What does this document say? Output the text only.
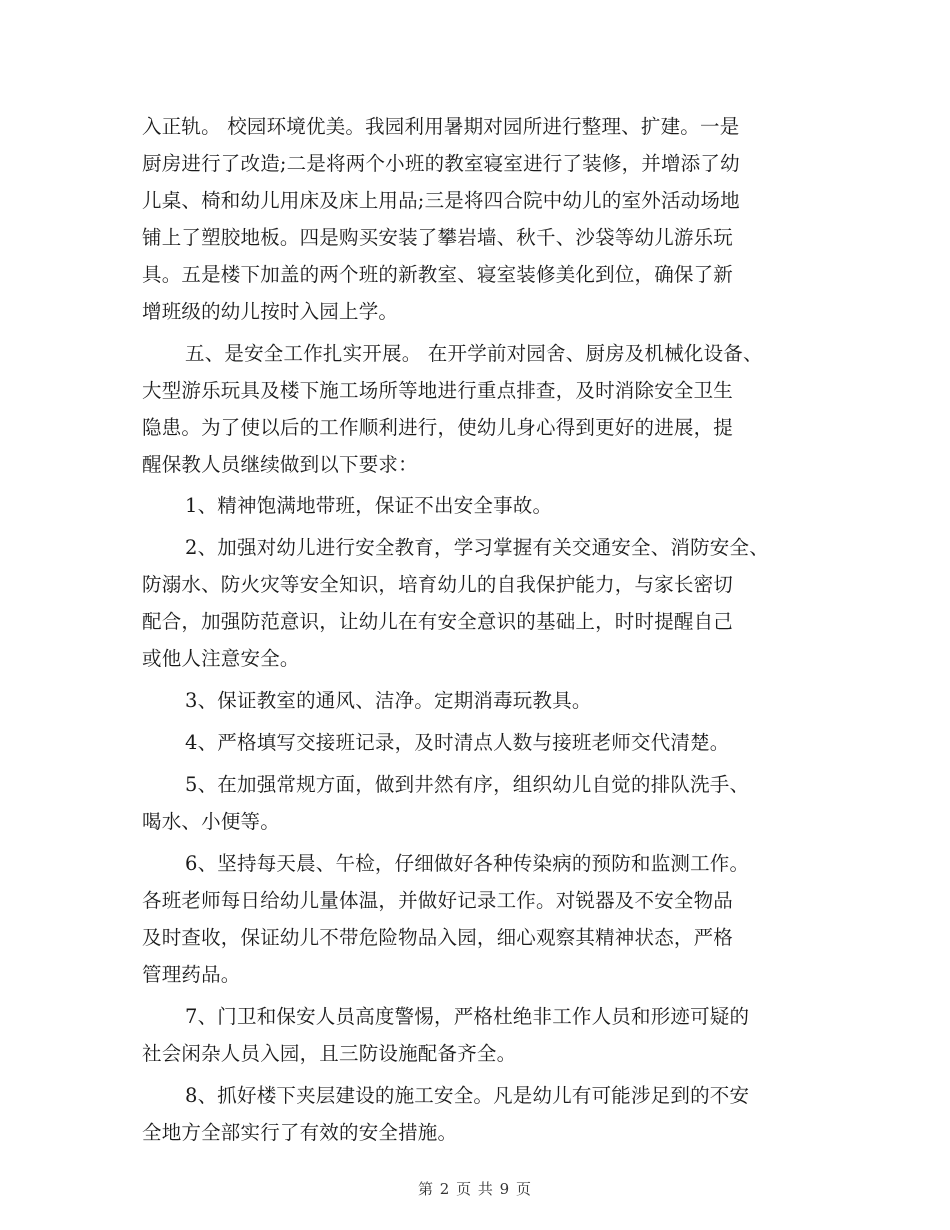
入正轨。 校园环境优美。我园利用暑期对园所进行整理、扩建。一是
厨房进行了改造;二是将两个小班的教室寝室进行了装修，并增添了幼
儿桌、椅和幼儿用床及床上用品;三是将四合院中幼儿的室外活动场地
铺上了塑胶地板。四是购买安装了攀岩墙、秋千、沙袋等幼儿游乐玩
具。五是楼下加盖的两个班的新教室、寝室装修美化到位，确保了新
增班级的幼儿按时入园上学。
五、是安全工作扎实开展。 在开学前对园舍、厨房及机械化设备、
大型游乐玩具及楼下施工场所等地进行重点排查，及时消除安全卫生
隐患。为了使以后的工作顺利进行，使幼儿身心得到更好的进展，提
醒保教人员继续做到以下要求：
1、精神饱满地带班，保证不出安全事故。
2、加强对幼儿进行安全教育，学习掌握有关交通安全、消防安全、
防溺水、防火灾等安全知识，培育幼儿的自我保护能力，与家长密切
配合，加强防范意识，让幼儿在有安全意识的基础上，时时提醒自己
或他人注意安全。
3、保证教室的通风、洁净。定期消毒玩教具。
4、严格填写交接班记录，及时清点人数与接班老师交代清楚。
5、在加强常规方面，做到井然有序，组织幼儿自觉的排队洗手、
喝水、小便等。
6、坚持每天晨、午检，仔细做好各种传染病的预防和监测工作。
各班老师每日给幼儿量体温，并做好记录工作。对锐器及不安全物品
及时查收，保证幼儿不带危险物品入园，细心观察其精神状态，严格
管理药品。
7、门卫和保安人员高度警惕，严格杜绝非工作人员和形迹可疑的
社会闲杂人员入园，且三防设施配备齐全。
8、抓好楼下夹层建设的施工安全。凡是幼儿有可能涉足到的不安
全地方全部实行了有效的安全措施。
第 2 页 共 9 页
